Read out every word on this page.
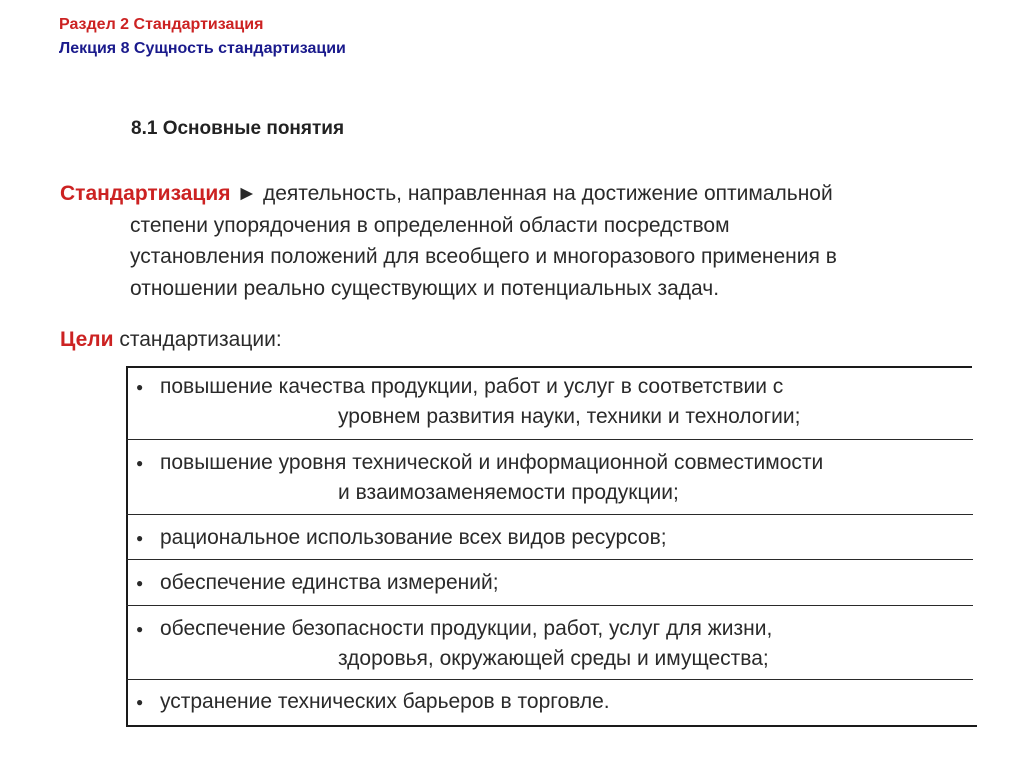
Раздел 2 Стандартизация
Лекция 8 Сущность стандартизации
8.1 Основные понятия
Стандартизация ► деятельность, направленная на достижение оптимальной
степени упорядочения в определенной области посредством
установления положений для всеобщего и многоразового применения в
отношении реально существующих и потенциальных задач.
Цели стандартизации:
● повышение качества продукции, работ и услуг в соответствии с
уровнем развития науки, техники и технологии;
● повышение уровня технической и информационной совместимости
и взаимозаменяемости продукции;
● рациональное использование всех видов ресурсов;
● обеспечение единства измерений;
● обеспечение безопасности продукции, работ, услуг для жизни,
здоровья, окружающей среды и имущества;
● устранение технических барьеров в торговле.
